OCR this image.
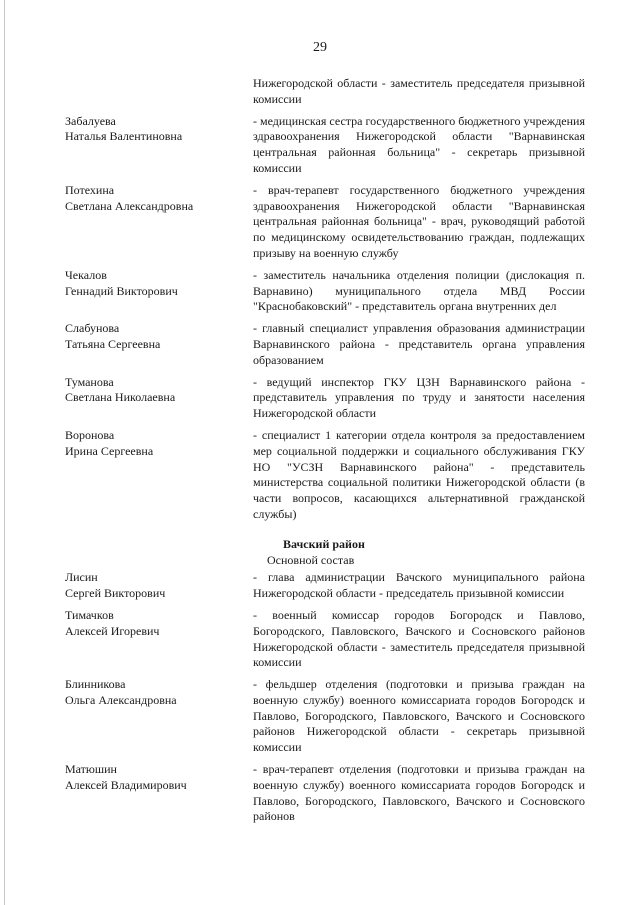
29
Нижегородской области - заместитель председателя призывной комиссии
Забалуева
Наталья Валентиновна
- медицинская сестра государственного бюджетного учреждения здравоохранения Нижегородской области "Варнавинская центральная районная больница" - секретарь призывной комиссии
Потехина
Светлана Александровна
- врач-терапевт государственного бюджетного учреждения здравоохранения Нижегородской области "Варнавинская центральная районная больница" - врач, руководящий работой по медицинскому освидетельствованию граждан, подлежащих призыву на военную службу
Чекалов
Геннадий Викторович
- заместитель начальника отделения полиции (дислокация п. Варнавино) муниципального отдела МВД России "Краснобаковский" - представитель органа внутренних дел
Слабунова
Татьяна Сергеевна
- главный специалист управления образования администрации Варнавинского района - представитель органа управления образованием
Туманова
Светлана Николаевна
- ведущий инспектор ГКУ ЦЗН Варнавинского района - представитель управления по труду и занятости населения Нижегородской области
Воронова
Ирина Сергеевна
- специалист 1 категории отдела контроля за предоставлением мер социальной поддержки и социального обслуживания ГКУ НО "УСЗН Варнавинского района" - представитель министерства социальной политики Нижегородской области (в части вопросов, касающихся альтернативной гражданской службы)
Вачский район
Основной состав
Лисин
Сергей Викторович
- глава администрации Вачского муниципального района Нижегородской области - председатель призывной комиссии
Тимачков
Алексей Игоревич
- военный комиссар городов Богородск и Павлово, Богородского, Павловского, Вачского и Сосновского районов Нижегородской области - заместитель председателя призывной комиссии
Блинникова
Ольга Александровна
- фельдшер отделения (подготовки и призыва граждан на военную службу) военного комиссариата городов Богородск и Павлово, Богородского, Павловского, Вачского и Сосновского районов Нижегородской области - секретарь призывной комиссии
Матюшин
Алексей Владимирович
- врач-терапевт отделения (подготовки и призыва граждан на военную службу) военного комиссариата городов Богородск и Павлово, Богородского, Павловского, Вачского и Сосновского районов
